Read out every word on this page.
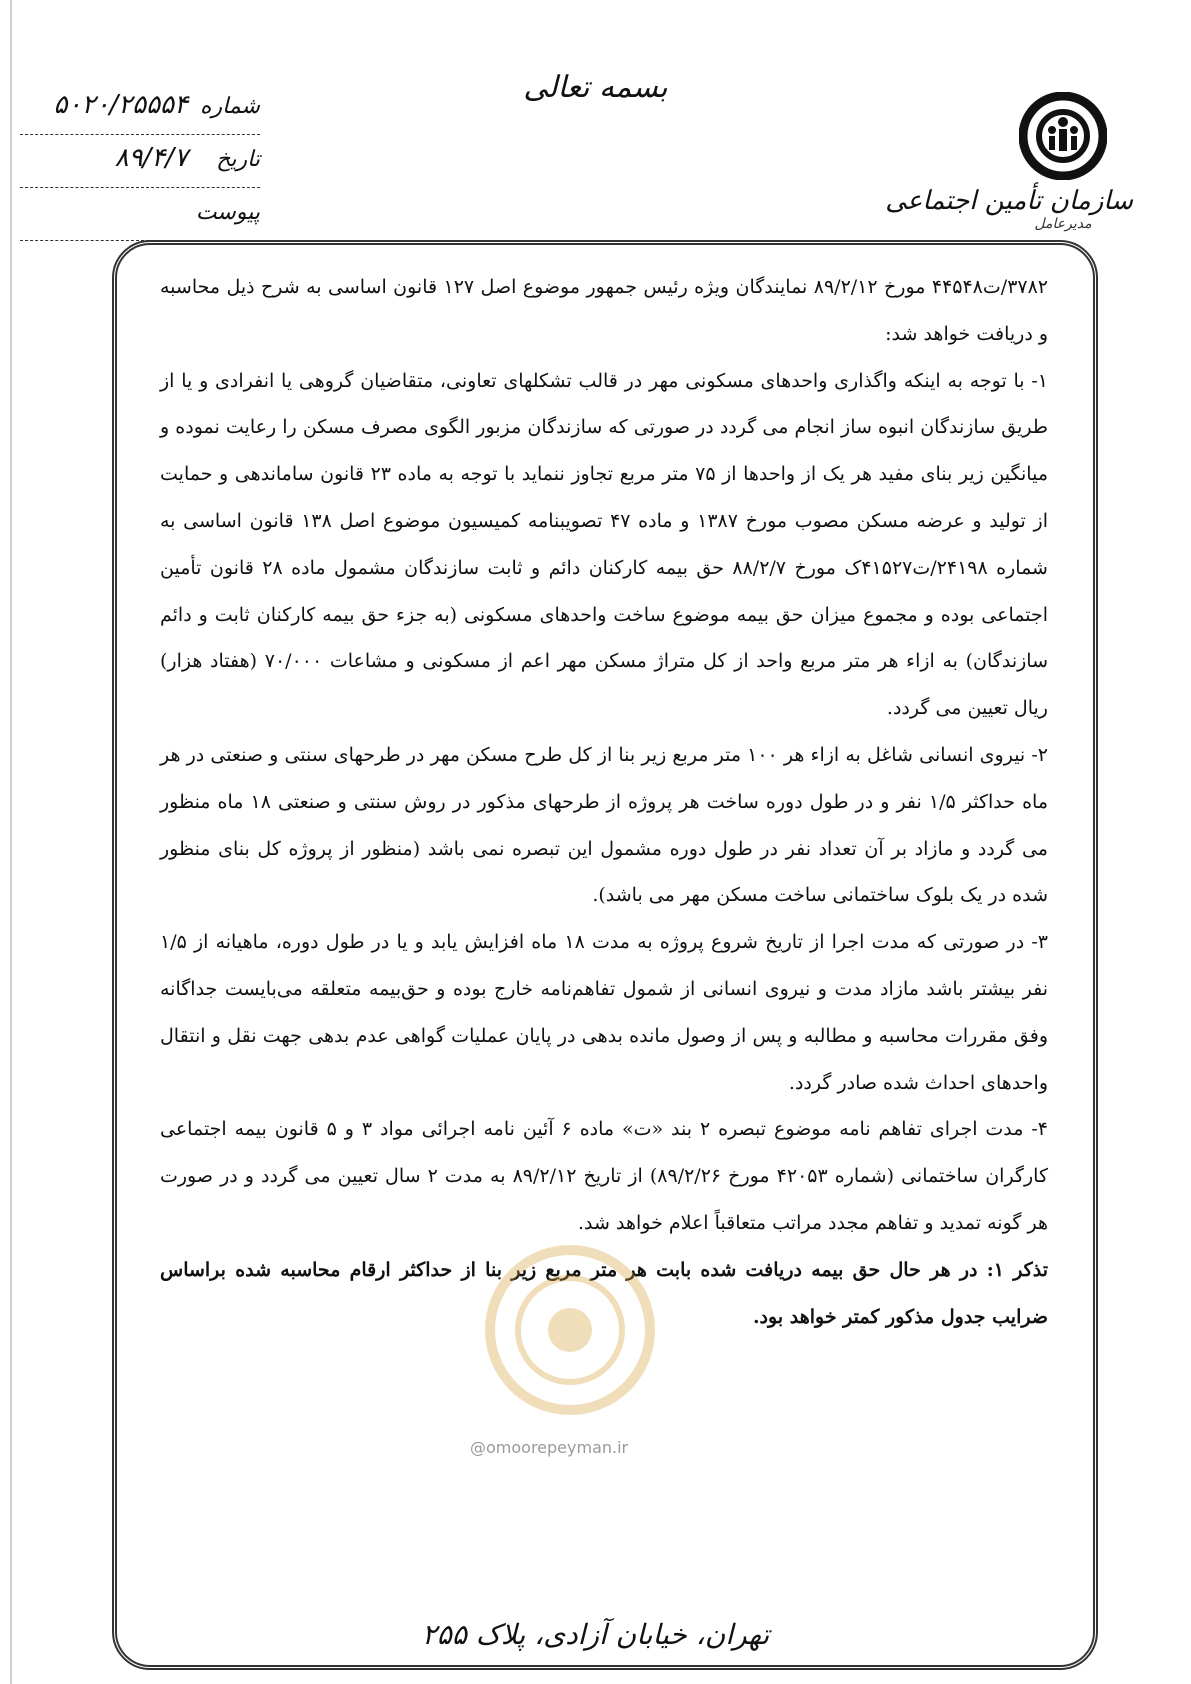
بسمه تعالی
سازمان تأمین اجتماعی
مدیرعامل
شماره
۵۰۲۰/۲۵۵۵۴
تاریخ
۸۹/۴/۷
پیوست

۳۷۸۲/ت۴۴۵۴۸ مورخ ۸۹/۲/۱۲ نمایندگان ویژه رئیس جمهور موضوع اصل ۱۲۷ قانون اساسی به شرح ذیل محاسبه و دریافت خواهد شد:

۱- با توجه به اینکه واگذاری واحدهای مسکونی مهر در قالب تشکلهای تعاونی، متقاضیان گروهی یا انفرادی و یا از طریق سازندگان انبوه ساز انجام می گردد در صورتی که سازندگان مزبور الگوی مصرف مسکن را رعایت نموده و میانگین زیر بنای مفید هر یک از واحدها از ۷۵ متر مربع تجاوز ننماید با توجه به ماده ۲۳ قانون ساماندهی و حمایت از تولید و عرضه مسکن مصوب مورخ ۱۳۸۷ و ماده ۴۷ تصویبنامه کمیسیون موضوع اصل ۱۳۸ قانون اساسی به شماره ۲۴۱۹۸/ت۴۱۵۲۷ک مورخ ۸۸/۲/۷ حق بیمه کارکنان دائم و ثابت سازندگان مشمول ماده ۲۸ قانون تأمین اجتماعی بوده و مجموع میزان حق بیمه موضوع ساخت واحدهای مسکونی (به جزء حق بیمه کارکنان ثابت و دائم سازندگان) به ازاء هر متر مربع واحد از کل متراژ مسکن مهر اعم از مسکونی و مشاعات ۷۰/۰۰۰ (هفتاد هزار) ریال تعیین می گردد.

۲- نیروی انسانی شاغل به ازاء هر ۱۰۰ متر مربع زیر بنا از کل طرح مسکن مهر در طرحهای سنتی و صنعتی در هر ماه حداکثر ۱/۵ نفر و در طول دوره ساخت هر پروژه از طرحهای مذکور در روش سنتی و صنعتی ۱۸ ماه منظور می گردد و مازاد بر آن تعداد نفر در طول دوره مشمول این تبصره نمی باشد (منظور از پروژه کل بنای منظور شده در یک بلوک ساختمانی ساخت مسکن مهر می باشد).

۳- در صورتی که مدت اجرا از تاریخ شروع پروژه به مدت ۱۸ ماه افزایش یابد و یا در طول دوره، ماهیانه از ۱/۵ نفر بیشتر باشد مازاد مدت و نیروی انسانی از شمول تفاهم‌نامه خارج بوده و حق‌بیمه متعلقه می‌بایست جداگانه وفق مقررات محاسبه و مطالبه و پس از وصول مانده بدهی در پایان عملیات گواهی عدم بدهی جهت نقل و انتقال واحدهای احداث شده صادر گردد.

۴- مدت اجرای تفاهم نامه موضوع تبصره ۲ بند «ت» ماده ۶ آئین نامه اجرائی مواد ۳ و ۵ قانون بیمه اجتماعی کارگران ساختمانی (شماره ۴۲۰۵۳ مورخ ۸۹/۲/۲۶) از تاریخ ۸۹/۲/۱۲ به مدت ۲ سال تعیین می گردد و در صورت هر گونه تمدید و تفاهم مجدد مراتب متعاقباً اعلام خواهد شد.

تذکر ۱: در هر حال حق بیمه دریافت شده بابت هر متر مربع زیر بنا از حداکثر ارقام محاسبه شده براساس ضرایب جدول مذکور کمتر خواهد بود.

@omoorepeyman.ir
تهران، خیابان آزادی، پلاک ۲۵۵
